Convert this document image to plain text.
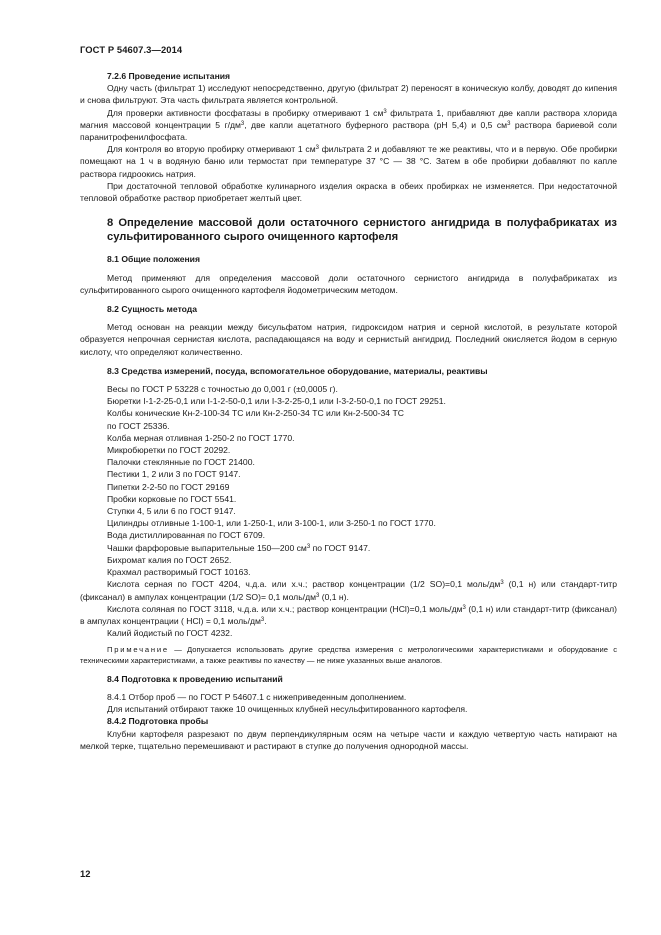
ГОСТ Р 54607.3—2014

7.2.6 Проведение испытания

Одну часть (фильтрат 1) исследуют непосредственно, другую (фильтрат 2) переносят в коническую колбу, доводят до кипения и снова фильтруют. Эта часть фильтрата является контрольной.

Для проверки активности фосфатазы в пробирку отмеривают 1 $см^3$ фильтрата 1, прибавляют две капли раствора хлорида магния массовой концентрации 5 $г/дм^3$, две капли ацетатного буферного раствора (рН 5,4) и 0,5 $см^3$ раствора бариевой соли паранитрофенилфосфата.

Для контроля во вторую пробирку отмеривают 1 $см^3$ фильтрата 2 и добавляют те же реактивы, что и в первую. Обе пробирки помещают на 1 ч в водяную баню или термостат при температуре 37 °С — 38 °С. Затем в обе пробирки добавляют по капле раствора гидроокись натрия.

При достаточной тепловой обработке кулинарного изделия окраска в обеих пробирках не изменяется. При недостаточной тепловой обработке раствор приобретает желтый цвет.

8 Определение массовой доли остаточного сернистого ангидрида в полуфабрикатах из сульфитированного сырого очищенного картофеля

8.1 Общие положения

Метод применяют для определения массовой доли остаточного сернистого ангидрида в полуфабрикатах из сульфитированного сырого очищенного картофеля йодометрическим методом.

8.2 Сущность метода

Метод основан на реакции между бисульфатом натрия, гидроксидом натрия и серной кислотой, в результате которой образуется непрочная сернистая кислота, распадающаяся на воду и сернистый ангидрид. Последний окисляется йодом в серную кислоту, что определяют количественно.

8.3 Средства измерений, посуда, вспомогательное оборудование, материалы, реактивы

Весы по ГОСТ Р 53228 с точностью до 0,001 г (±0,0005 г).

Бюретки I-1-2-25-0,1 или I-1-2-50-0,1 или I-3-2-25-0,1 или I-3-2-50-0,1 по ГОСТ 29251.

Колбы конические Кн-2-100-34 ТС или Кн-2-250-34 ТС или Кн-2-500-34 ТС

по ГОСТ 25336.

Колба мерная отливная 1-250-2 по ГОСТ 1770.

Микробюретки по ГОСТ 20292.

Палочки стеклянные по ГОСТ 21400.

Пестики 1, 2 или 3 по ГОСТ 9147.

Пипетки 2-2-50 по ГОСТ 29169

Пробки корковые по ГОСТ 5541.

Ступки 4, 5 или 6 по ГОСТ 9147.

Цилиндры отливные 1-100-1, или 1-250-1, или 3-100-1, или 3-250-1 по ГОСТ 1770.

Вода дистиллированная по ГОСТ 6709.

Чашки фарфоровые выпарительные 150—200 $см^3$ по ГОСТ 9147.

Бихромат калия по ГОСТ 2652.

Крахмал растворимый ГОСТ 10163.

Кислота серная по ГОСТ 4204, ч.д.а. или х.ч.; раствор концентрации (1/2 SO)=0,1 моль/$дм^3$ (0,1 н) или стандарт-титр (фиксанал) в ампулах концентрации (1/2 SO)= 0,1 моль/$дм^3$ (0,1 н).

Кислота соляная по ГОСТ 3118, ч.д.а. или х.ч.; раствор концентрации (HCl)=0,1 моль/$дм^3$ (0,1 н) или стандарт-титр (фиксанал) в ампулах концентрации ( HCl) = 0,1 моль/$дм^3$.

Калий йодистый по ГОСТ 4232.

Примечание — Допускается использовать другие средства измерения с метрологическими характеристиками и оборудование с техническими характеристиками, а также реактивы по качеству — не ниже указанных выше аналогов.

8.4 Подготовка к проведению испытаний

8.4.1 Отбор проб — по ГОСТ Р 54607.1 с нижеприведенным дополнением.

Для испытаний отбирают также 10 очищенных клубней несульфитированного картофеля.

8.4.2 Подготовка пробы

Клубни картофеля разрезают по двум перпендикулярным осям на четыре части и каждую четвертую часть натирают на мелкой терке, тщательно перемешивают и растирают в ступке до получения однородной массы.

12
